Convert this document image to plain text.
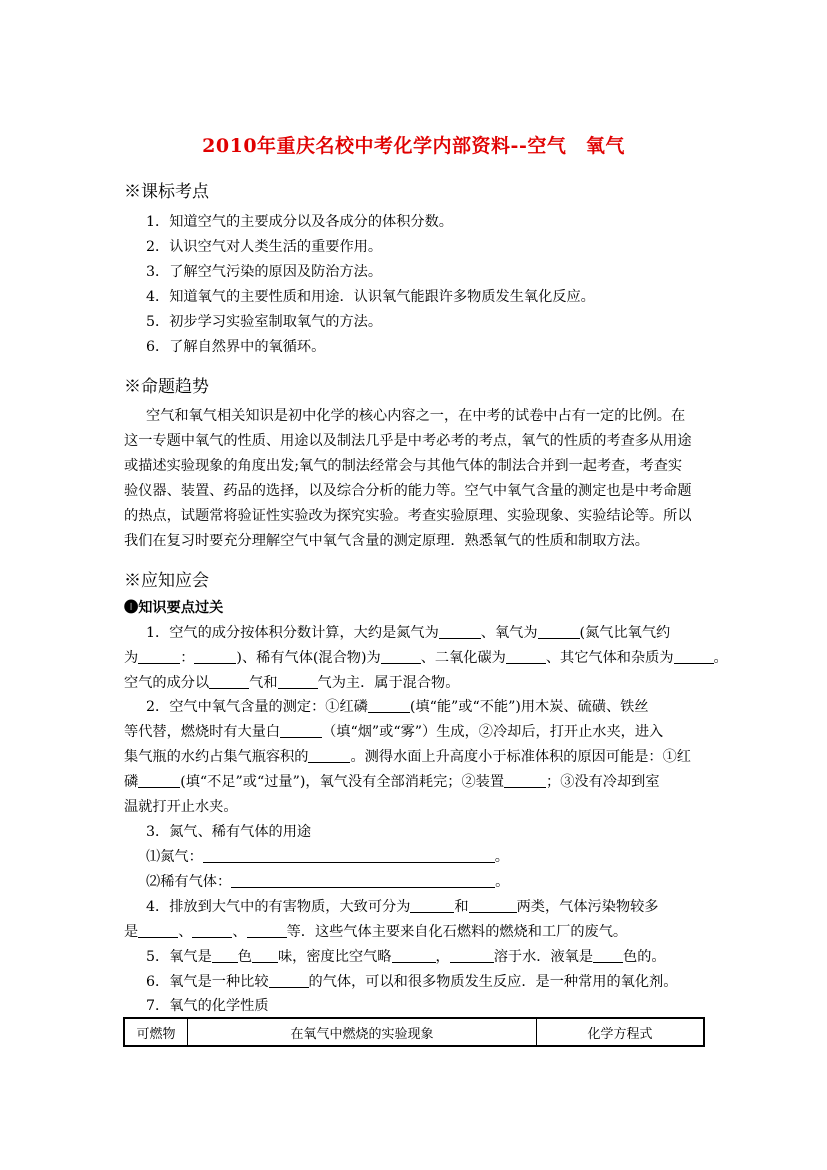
2010年重庆名校中考化学内部资料--空气　氧气
※课标考点
1．知道空气的主要成分以及各成分的体积分数。
2．认识空气对人类生活的重要作用。
3．了解空气污染的原因及防治方法。
4．知道氧气的主要性质和用途．认识氧气能跟许多物质发生氧化反应。
5．初步学习实验室制取氧气的方法。
6．了解自然界中的氧循环。
※命题趋势
空气和氧气相关知识是初中化学的核心内容之一，在中考的试卷中占有一定的比例。在
这一专题中氧气的性质、用途以及制法几乎是中考必考的考点，氧气的性质的考查多从用途
或描述实验现象的角度出发;氧气的制法经常会与其他气体的制法合并到一起考查，考查实
验仪器、装置、药品的选择，以及综合分析的能力等。空气中氧气含量的测定也是中考命题
的热点，试题常将验证性实验改为探究实验。考查实验原理、实验现象、实验结论等。所以
我们在复习时要充分理解空气中氧气含量的测定原理．熟悉氧气的性质和制取方法。
※应知应会
❶知识要点过关
1．空气的成分按体积分数计算，大约是氮气为	、氧气为	(氮气比氧气约
为	：	)、稀有气体(混合物)为	、二氧化碳为	、其它气体和杂质为	。
空气的成分以	气和	气为主．属于混合物。
2．空气中氧气含量的测定：①红磷	(填“能”或“不能”)用木炭、硫磺、铁丝
等代替，燃烧时有大量白	（填“烟”或“雾”）生成，②冷却后，打开止水夹，进入
集气瓶的水约占集气瓶容积的	。测得水面上升高度小于标准体积的原因可能是：①红
磷	(填“不足”或“过量”)，氧气没有全部消耗完；②装置	；③没有冷却到室
温就打开止水夹。
3．氮气、稀有气体的用途
⑴氮气：	。
⑵稀有气体：	。
4．排放到大气中的有害物质，大致可分为	和	两类，气体污染物较多
是	、	、	等．这些气体主要来自化石燃料的燃烧和工厂的废气。
5．氧气是 色 味，密度比空气略	，	溶于水．液氧是 色的。
6．氧气是一种比较	的气体，可以和很多物质发生反应．是一种常用的氧化剂。
7．氧气的化学性质
可燃物	在氧气中燃烧的实验现象	化学方程式
